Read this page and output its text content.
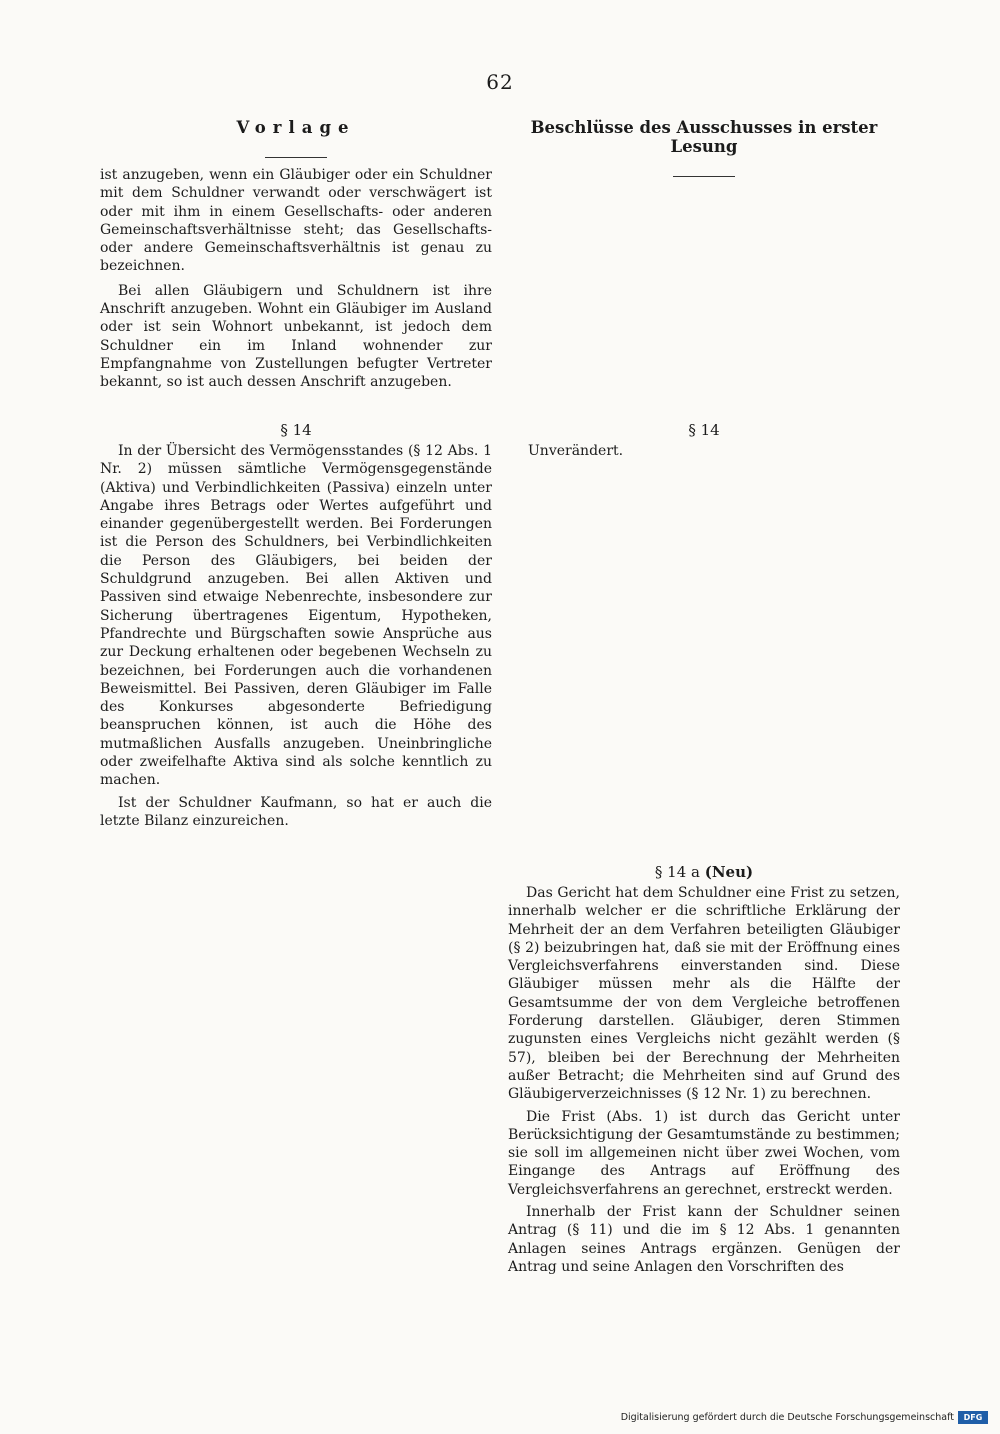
62
Vorlage	Beschlüsse des Ausschusses in erster Lesung

ist anzugeben, wenn ein Gläubiger oder ein Schuldner mit dem Schuldner verwandt oder verschwägert ist oder mit ihm in einem Gesellschafts- oder anderen Gemeinschaftsverhältnisse steht; das Gesellschafts- oder andere Gemeinschaftsverhältnis ist genau zu bezeichnen.

Bei allen Gläubigern und Schuldnern ist ihre Anschrift anzugeben. Wohnt ein Gläubiger im Ausland oder ist sein Wohnort unbekannt, ist jedoch dem Schuldner ein im Inland wohnender zur Empfangnahme von Zustellungen befugter Vertreter bekannt, so ist auch dessen Anschrift anzugeben.

§ 14

In der Übersicht des Vermögensstandes (§ 12 Abs. 1 Nr. 2) müssen sämtliche Vermögensgegenstände (Aktiva) und Verbindlichkeiten (Passiva) einzeln unter Angabe ihres Betrags oder Wertes aufgeführt und einander gegenübergestellt werden. Bei Forderungen ist die Person des Schuldners, bei Verbindlichkeiten die Person des Gläubigers, bei beiden der Schuldgrund anzugeben. Bei allen Aktiven und Passiven sind etwaige Nebenrechte, insbesondere zur Sicherung übertragenes Eigentum, Hypotheken, Pfandrechte und Bürgschaften sowie Ansprüche aus zur Deckung erhaltenen oder begebenen Wechseln zu bezeichnen, bei Forderungen auch die vorhandenen Beweismittel. Bei Passiven, deren Gläubiger im Falle des Konkurses abgesonderte Befriedigung beanspruchen können, ist auch die Höhe des mutmaßlichen Ausfalls anzugeben. Uneinbringliche oder zweifelhafte Aktiva sind als solche kenntlich zu machen.

Ist der Schuldner Kaufmann, so hat er auch die letzte Bilanz einzureichen.

§ 14

Unverändert.

§ 14 a (Neu)

Das Gericht hat dem Schuldner eine Frist zu setzen, innerhalb welcher er die schriftliche Erklärung der Mehrheit der an dem Verfahren beteiligten Gläubiger (§ 2) beizubringen hat, daß sie mit der Eröffnung eines Vergleichsverfahrens einverstanden sind. Diese Gläubiger müssen mehr als die Hälfte der Gesamtsumme der von dem Vergleiche betroffenen Forderung darstellen. Gläubiger, deren Stimmen zugunsten eines Vergleichs nicht gezählt werden (§ 57), bleiben bei der Berechnung der Mehrheiten außer Betracht; die Mehrheiten sind auf Grund des Gläubigerverzeichnisses (§ 12 Nr. 1) zu berechnen.

Die Frist (Abs. 1) ist durch das Gericht unter Berücksichtigung der Gesamtumstände zu bestimmen; sie soll im allgemeinen nicht über zwei Wochen, vom Eingange des Antrags auf Eröffnung des Vergleichsverfahrens an gerechnet, erstreckt werden.

Innerhalb der Frist kann der Schuldner seinen Antrag (§ 11) und die im § 12 Abs. 1 genannten Anlagen seines Antrags ergänzen. Genügen der Antrag und seine Anlagen den Vorschriften des

Digitalisierung gefördert durch die Deutsche Forschungsgemeinschaft	DFG
